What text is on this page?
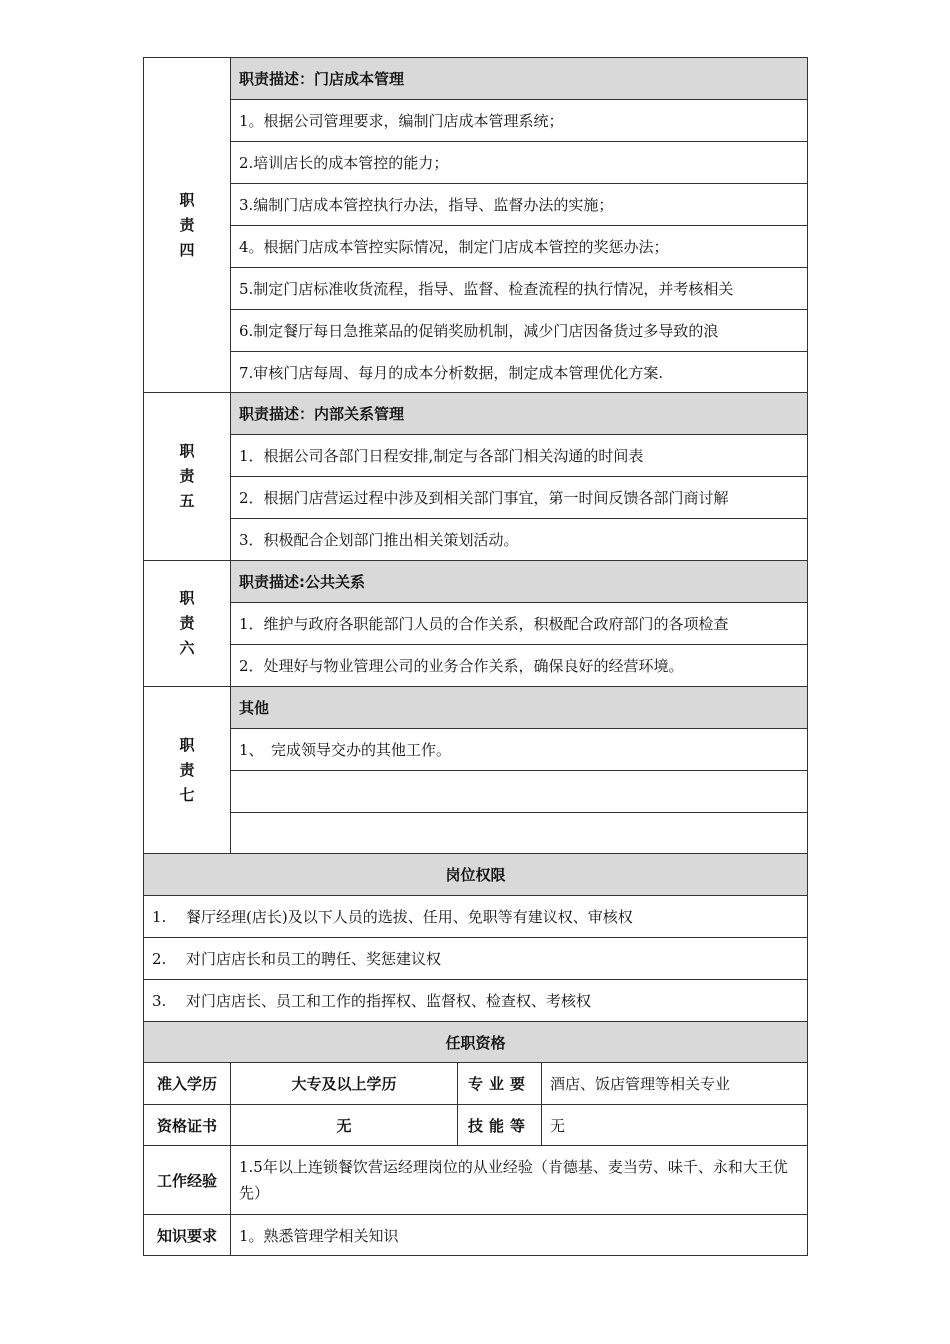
职
责
四	职责描述：门店成本管理		
	1。根据公司管理要求，编制门店成本管理系统；		
	2.培训店长的成本管控的能力；		
	3.编制门店成本管控执行办法，指导、监督办法的实施；		
	4。根据门店成本管控实际情况，制定门店成本管控的奖惩办法；		
	5.制定门店标准收货流程，指导、监督、检查流程的执行情况，并考核相关		
	6.制定餐厅每日急推菜品的促销奖励机制，减少门店因备货过多导致的浪		
	7.审核门店每周、每月的成本分析数据，制定成本管理优化方案.		

职
责
五	职责描述：内部关系管理		
	1．根据公司各部门日程安排,制定与各部门相关沟通的时间表		
	2．根据门店营运过程中涉及到相关部门事宜，第一时间反馈各部门商讨解		
	3．积极配合企划部门推出相关策划活动。		

职
责
六	职责描述:公共关系		
	1．维护与政府各职能部门人员的合作关系，积极配合政府部门的各项检查		
	2．处理好与物业管理公司的业务合作关系，确保良好的经营环境。		

职
责
七	其他		
	1、　完成领导交办的其他工作。		

岗位权限			
1. 餐厅经理(店长)及以下人员的选拔、任用、免职等有建议权、审核权			
2. 对门店店长和员工的聘任、奖惩建议权			
3. 对门店店长、员工和工作的指挥权、监督权、检查权、考核权			
任职资格			
准入学历	大专及以上学历	专业要	酒店、饭店管理等相关专业
资格证书	无	技能等	无
工作经验	1.5年以上连锁餐饮营运经理岗位的从业经验（肯德基、麦当劳、味千、永和大王优先）		
知识要求	1。熟悉管理学相关知识		
